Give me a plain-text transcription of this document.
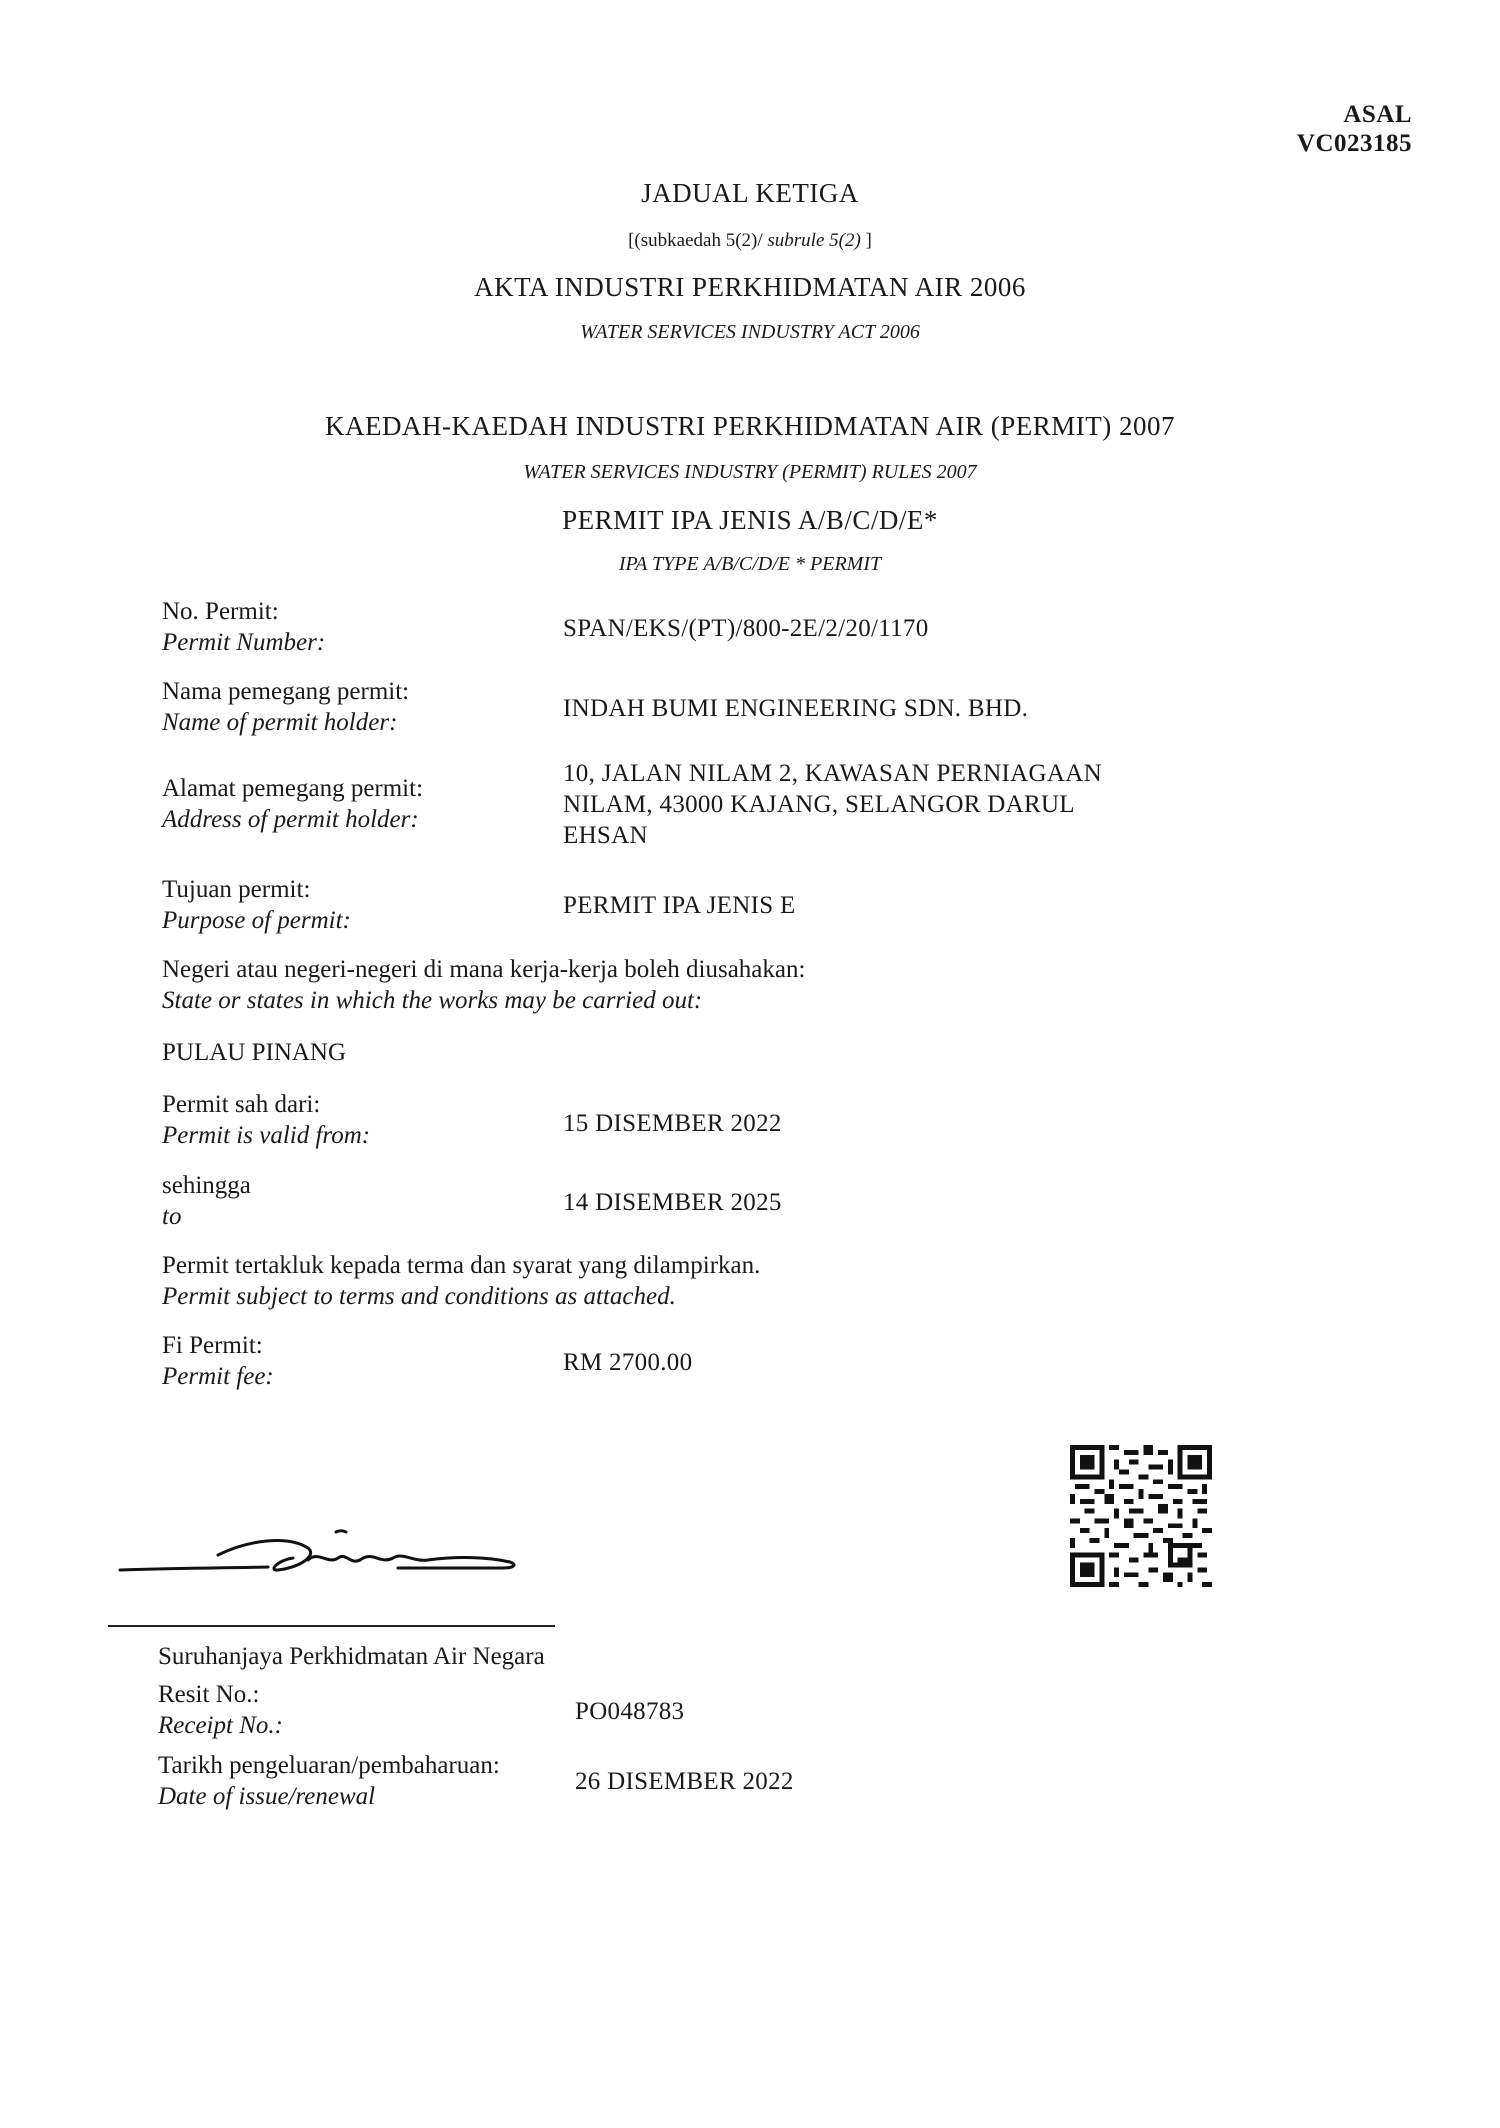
ASAL
VC023185
JADUAL KETIGA
[(subkaedah 5(2)/ subrule 5(2) ]
AKTA INDUSTRI PERKHIDMATAN AIR 2006
WATER SERVICES INDUSTRY ACT 2006
KAEDAH-KAEDAH INDUSTRI PERKHIDMATAN AIR (PERMIT) 2007
WATER SERVICES INDUSTRY (PERMIT) RULES 2007
PERMIT IPA JENIS A/B/C/D/E*
IPA TYPE A/B/C/D/E * PERMIT
No. Permit:
Permit Number:
SPAN/EKS/(PT)/800-2E/2/20/1170
Nama pemegang permit:
Name of permit holder:
INDAH BUMI ENGINEERING SDN. BHD.
Alamat pemegang permit:
Address of permit holder:
10, JALAN NILAM 2, KAWASAN PERNIAGAAN
NILAM, 43000 KAJANG, SELANGOR DARUL
EHSAN
Tujuan permit:
Purpose of permit:
PERMIT IPA JENIS E
Negeri atau negeri-negeri di mana kerja-kerja boleh diusahakan:
State or states in which the works may be carried out:
PULAU PINANG
Permit sah dari:
Permit is valid from:	15 DISEMBER 2022
sehingga
to
14 DISEMBER 2025
Permit tertakluk kepada terma dan syarat yang dilampirkan.
Permit subject to terms and conditions as attached.
Fi Permit:
Permit fee:
RM 2700.00
Suruhanjaya Perkhidmatan Air Negara
Resit No.:
Receipt No.:
PO048783
Tarikh pengeluaran/pembaharuan:
Date of issue/renewal
26 DISEMBER 2022
